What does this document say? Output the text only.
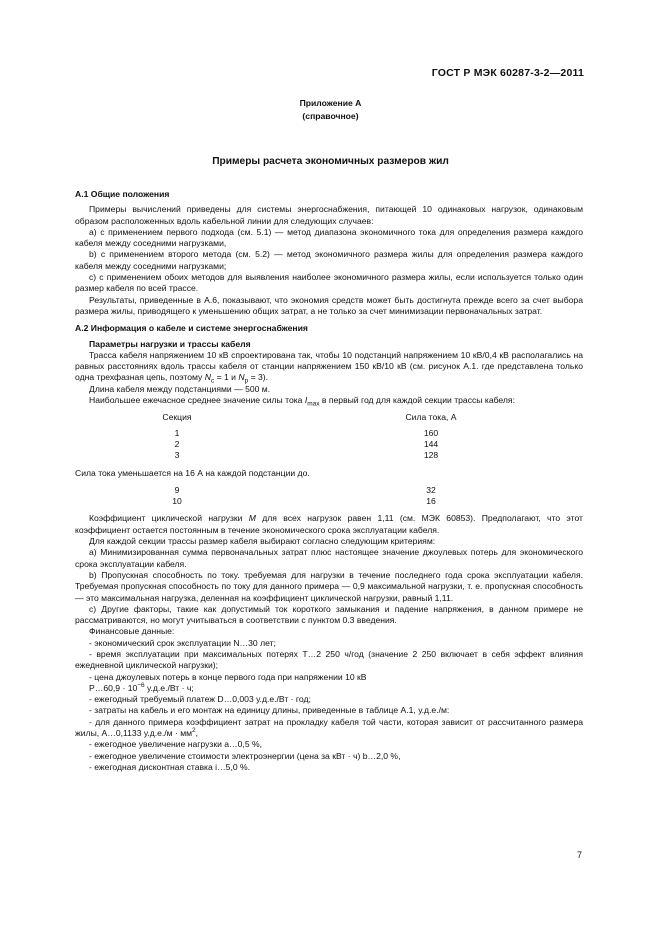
ГОСТ Р МЭК 60287-3-2—2011
Приложение А
(справочное)
Примеры расчета экономичных размеров жил

А.1 Общие положения

Примеры вычислений приведены для системы энергоснабжения, питающей 10 одинаковых нагрузок, одинаковым образом расположенных вдоль кабельной линии для следующих случаев:

а) с применением первого подхода (см. 5.1) — метод диапазона экономичного тока для определения размера каждого кабеля между соседними нагрузками,

b) с применением второго метода (см. 5.2) — метод экономичного размера жилы для определения размера каждого кабеля между соседними нагрузками;

с) с применением обоих методов для выявления наиболее экономичного размера жилы, если используется только один размер кабеля по всей трассе.

Результаты, приведенные в А.6, показывают, что экономия средств может быть достигнута прежде всего за счет выбора размера жилы, приводящего к уменьшению общих затрат, а не только за счет минимизации первоначальных затрат.

А.2 Информация о кабеле и системе энергоснабжения

Параметры нагрузки и трассы кабеля

Трасса кабеля напряжением 10 кВ спроектирована так, чтобы 10 подстанций напряжением 10 кВ/0,4 кВ располагались на равных расстояниях вдоль трассы кабеля от станции напряжением 150 кВ/10 кВ (см. рисунок А.1. где представлена только одна трехфазная цепь, поэтому $N_c = 1$ и $N_p = 3$).

Длина кабеля между подстанциями — 500 м.

Наибольшее ежечасное среднее значение силы тока $I_{max}$ в первый год для каждой секции трассы кабеля:

Секция	Сила тока, А
1	160
2	144
3	128

Сила тока уменьшается на 16 А на каждой подстанции до.

9	32
10	16

Коэффициент циклической нагрузки М для всех нагрузок равен 1,11 (см. МЭК 60853). Предполагают, что этот коэффициент остается постоянным в течение экономического срока эксплуатации кабеля.

Для каждой секции трассы размер кабеля выбирают согласно следующим критериям:

а) Минимизированная сумма первоначальных затрат плюс настоящее значение джоулевых потерь для экономического срока эксплуатации кабеля.

b) Пропускная способность по току. требуемая для нагрузки в течение последнего года срока эксплуатации кабеля. Требуемая пропускная способность по току для данного примера — 0,9 максимальной нагрузки, т. е. пропускная способность — это максимальная нагрузка, деленная на коэффициент циклической нагрузки, равный 1,11.

с) Другие факторы, такие как допустимый ток короткого замыкания и падение напряжения, в данном примере не рассматриваются, но могут учитываться в соответствии с пунктом 0.3 введения.

Финансовые данные:

- экономический срок эксплуатации N…30 лет;

- время эксплуатации при максимальных потерях T…2 250 ч/год (значение 2 250 включает в себя эффект влияния ежедневной циклической нагрузки);

- цена джоулевых потерь в конце первого года при напряжении 10 кВ

P…60,9 · $10^{-6}$ у.д.е./Вт · ч;

- ежегодный требуемый платеж D…0,003 у.д.е./Вт · год;

- затраты на кабель и его монтаж на единицу длины, приведенные в таблице А.1, у.д.е./м:

- для данного примера коэффициент затрат на прокладку кабеля той части, которая зависит от рассчитанного размера жилы, А…0,1133 $у.д.е./м \cdot мм^2$,

- ежегодное увеличение нагрузки a…0,5 %,

- ежегодное увеличение стоимости электроэнергии (цена за кВт · ч) b…2,0 %,

- ежегодная дисконтная ставка i…5,0 %.

7
